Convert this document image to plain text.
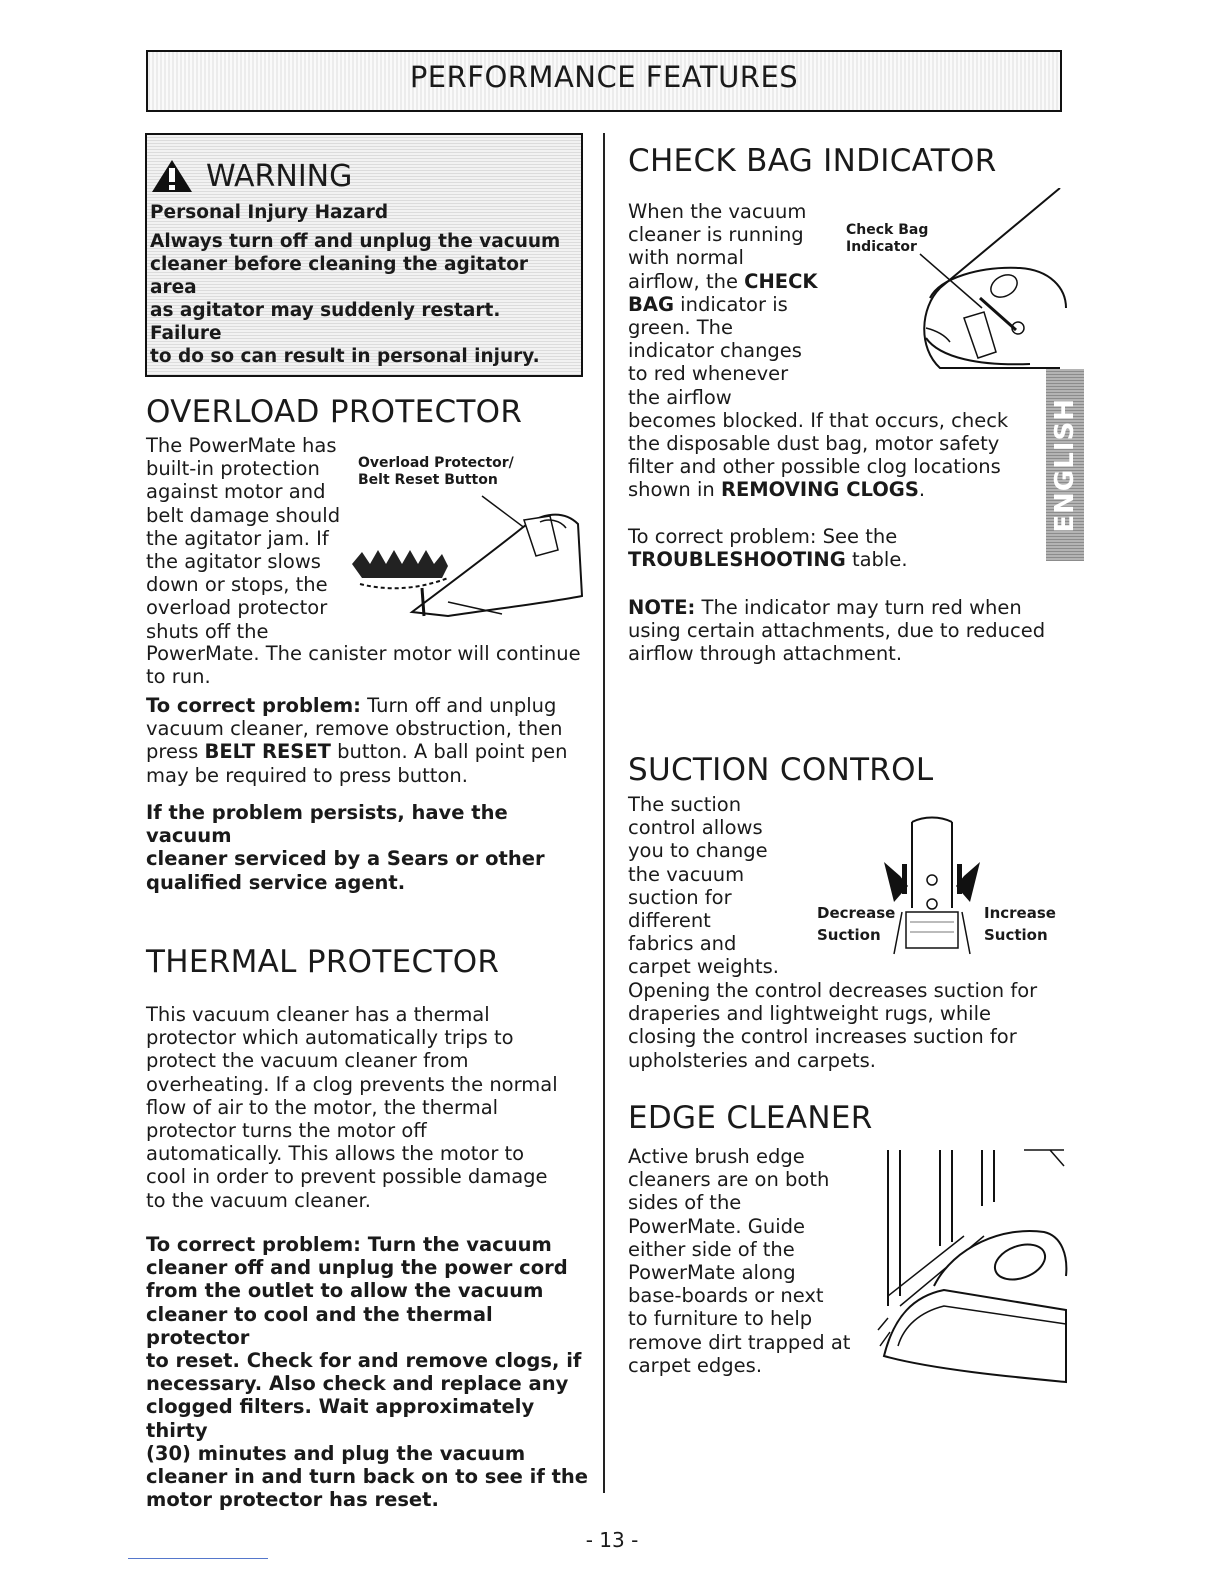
PERFORMANCE FEATURES
WARNING
Personal Injury Hazard
Always turn off and unplug the vacuum
cleaner before cleaning the agitator area
as agitator may suddenly restart. Failure
to do so can result in personal injury.
OVERLOAD PROTECTOR
The PowerMate has
built-in protection
against motor and
belt damage should
the agitator jam. If
the agitator slows
down or stops, the
overload protector
shuts off the
Overload Protector/
Belt Reset Button
PowerMate. The canister motor will continue
to run.
To correct problem: Turn off and unplug
vacuum cleaner, remove obstruction, then
press BELT RESET button. A ball point pen
may be required to press button.
If the problem persists, have the vacuum
cleaner serviced by a Sears or other
qualified service agent.
THERMAL PROTECTOR
This vacuum cleaner has a thermal
protector which automatically trips to
protect the vacuum cleaner from
overheating. If a clog prevents the normal
flow of air to the motor, the thermal
protector turns the motor off
automatically. This allows the motor to
cool in order to prevent possible damage
to the vacuum cleaner.
To correct problem: Turn the vacuum
cleaner off and unplug the power cord
from the outlet to allow the vacuum
cleaner to cool and the thermal protector
to reset. Check for and remove clogs, if
necessary. Also check and replace any
clogged filters. Wait approximately thirty
(30) minutes and plug the vacuum
cleaner in and turn back on to see if the
motor protector has reset.
CHECK BAG INDICATOR
Check Bag
Indicator
When the vacuum
cleaner is running
with normal
airflow, the CHECK
BAG indicator is
green. The
indicator changes
to red whenever
the airflow
becomes blocked. If that occurs, check
the disposable dust bag, motor safety
filter and other possible clog locations
shown in REMOVING CLOGS.
To correct problem: See the
TROUBLESHOOTING table.
NOTE: The indicator may turn red when
using certain attachments, due to reduced
airflow through attachment.
ENGLISH
SUCTION CONTROL
The suction
control allows
you to change
the vacuum
suction for
different
fabrics and
carpet weights.
Decrease
Suction
Increase
Suction
Opening the control decreases suction for
draperies and lightweight rugs, while
closing the control increases suction for
upholsteries and carpets.
EDGE CLEANER
Active brush edge
cleaners are on both
sides of the
PowerMate. Guide
either side of the
PowerMate along
base-boards or next
to furniture to help
remove dirt trapped at
carpet edges.
- 13 -
